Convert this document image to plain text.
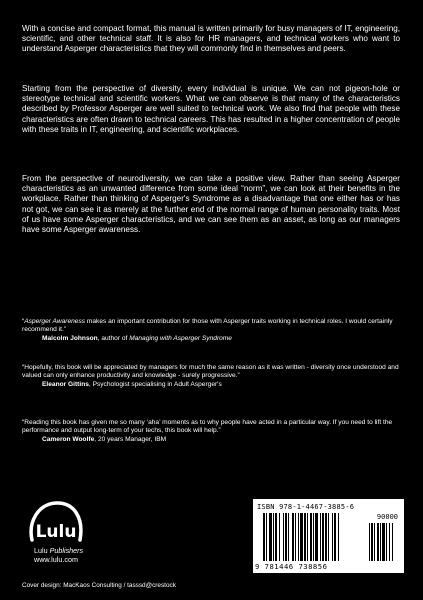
With a concise and compact format, this manual is written primarily for busy managers of IT, engineering, scientific, and other technical staff. It is also for HR managers, and technical workers who want to understand Asperger characteristics that they will commonly find in themselves and peers.

Starting from the perspective of diversity, every individual is unique. We can not pigeon-hole or stereotype technical and scientific workers. What we can observe is that many of the characteristics described by Professor Asperger are well suited to technical work. We also find that people with these characteristics are often drawn to technical careers. This has resulted in a higher concentration of people with these traits in IT, engineering, and scientific workplaces.

From the perspective of neurodiversity, we can take a positive view. Rather than seeing Asperger characteristics as an unwanted difference from some ideal “norm”, we can look at their benefits in the workplace. Rather than thinking of Asperger's Syndrome as a disadvantage that one either has or has not got, we can see it as merely at the further end of the normal range of human personality traits. Most of us have some Asperger characteristics, and we can see them as an asset, as long as our managers have some Asperger awareness.

“Asperger Awareness makes an important contribution for those with Asperger traits working in technical roles. I would certainly recommend it.”
Malcolm Johnson, author of Managing with Asperger Syndrome
“Hopefully, this book will be appreciated by managers for much the same reason as it was written - diversity once understood and valued can only enhance productivity and knowledge - surely progressive.”
Eleanor Gittins, Psychologist specialising in Adult Asperger's
“Reading this book has given me so many ‘aha’ moments as to why people have acted in a particular way. If you need to lift the performance and output long-term of your techs, this book will help.”
Cameron Woolfe, 20 years Manager, IBM
Lulu
Lulu Publishers
www.lulu.com
ISBN 978-1-4467-3885-6
90000
9 781446 738856
Cover design: MacKaos Consulting / tasssd@crestock
